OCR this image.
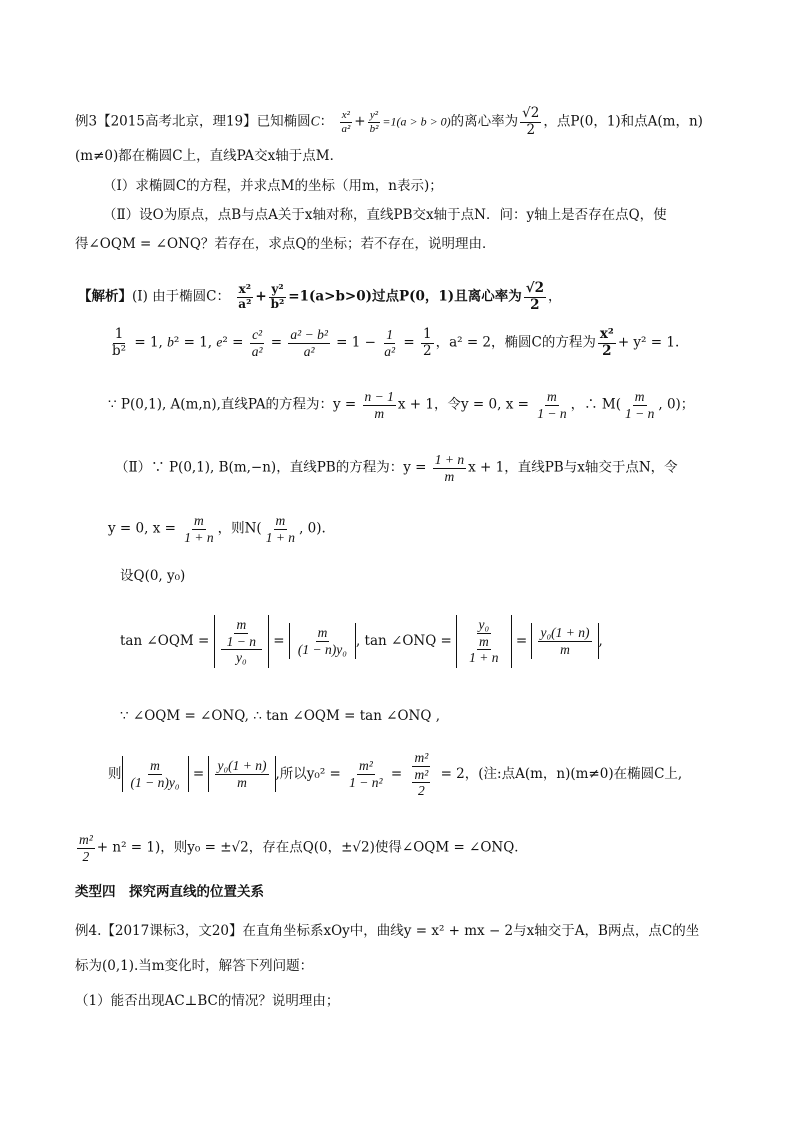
例3【2015高考北京，理19】已知椭圆C： $\frac{\text{x²}}{\text{a²}} + \frac{\text{y²}}{\text{b²}} =1(a > b > 0)$的离心率为 $\frac{√2}{2}$ ，点P(0，1)和点A(m，n)
(m≠0)都在椭圆C上，直线PA交x轴于点M．
（Ⅰ）求椭圆C的方程，并求点M的坐标（用m，n表示)；
（Ⅱ）设O为原点，点B与点A关于x轴对称，直线PB交x轴于点N．问：y轴上是否存在点Q，使
得∠OQM = ∠ONQ？若存在，求点Q的坐标；若不存在，说明理由．
【解析】(Ⅰ) 由于椭圆C： $\frac{\text{x²}}{\text{a²}} + \frac{\text{y²}}{\text{b²}} =1(a>b>0)$过点P(0，1)且离心率为 $\frac{√2}{2}$ ，
$\frac{1}{\text{b²}} = 1$, b² = 1, $e^2 = \frac{\text{c²}}{\text{a²}} = \frac{\text{a² − b²}}{\text{a²}} = 1 - \frac{1}{\text{a²}} = \frac{1}{2}$ ，a² = 2，椭圆C的方程为 $\frac{\text{x²}}{2} + y^2 = 1$.
∵ P(0,1), A(m,n),直线PA的方程为：$y = \frac{n - 1}{m}$ x + 1，令y = 0, $x = \frac{m}{1 - n}$ ，∴ $M( \frac{m}{1 - n}$ , 0)；
（Ⅱ）∵ P(0,1), B(m,−n)，直线PB的方程为：$y = \frac{1 + n}{m}$ x + 1，直线PB与x轴交于点N，令
y = 0, $x = \frac{m}{1 + n}$ ，则$N( \frac{m}{1 + n}$ , 0).
设Q(0, y₀)
tan ∠OQM = $\frac{\frac{m}{1 - n}}{\text{y₀}} = \frac{m}{\text{(1 − n)y₀}}$ , tan ∠ONQ = $\frac{\text{y₀}}{\frac{m}{1 + n}} = \frac{\text{y₀(1 + n)}}{m}$ ,
∵ ∠OQM = ∠ONQ, ∴ tan ∠OQM = tan ∠ONQ ,
则 $\frac{m}{\text{(1 − n)y₀}} = \frac{\text{y₀(1 + n)}}{m}$ ,所以$y_0^2 = \frac{\text{m²}}{\text{1 − n²}} = \frac{\text{m²}}{\frac{\text{m²}}{2}} = 2$，(注:点A(m，n)(m≠0)在椭圆C上,
$\frac{\text{m²}}{2} + n^2 = 1$)，则y₀ = ±√2，存在点Q(0，±√2)使得∠OQM = ∠ONQ．
类型四　探究两直线的位置关系
例4.【2017课标3，文20】在直角坐标系xOy中，曲线y = x² + mx − 2与x轴交于A，B两点，点C的坐
标为(0,1).当m变化时，解答下列问题：
（1）能否出现AC⊥BC的情况？说明理由；
